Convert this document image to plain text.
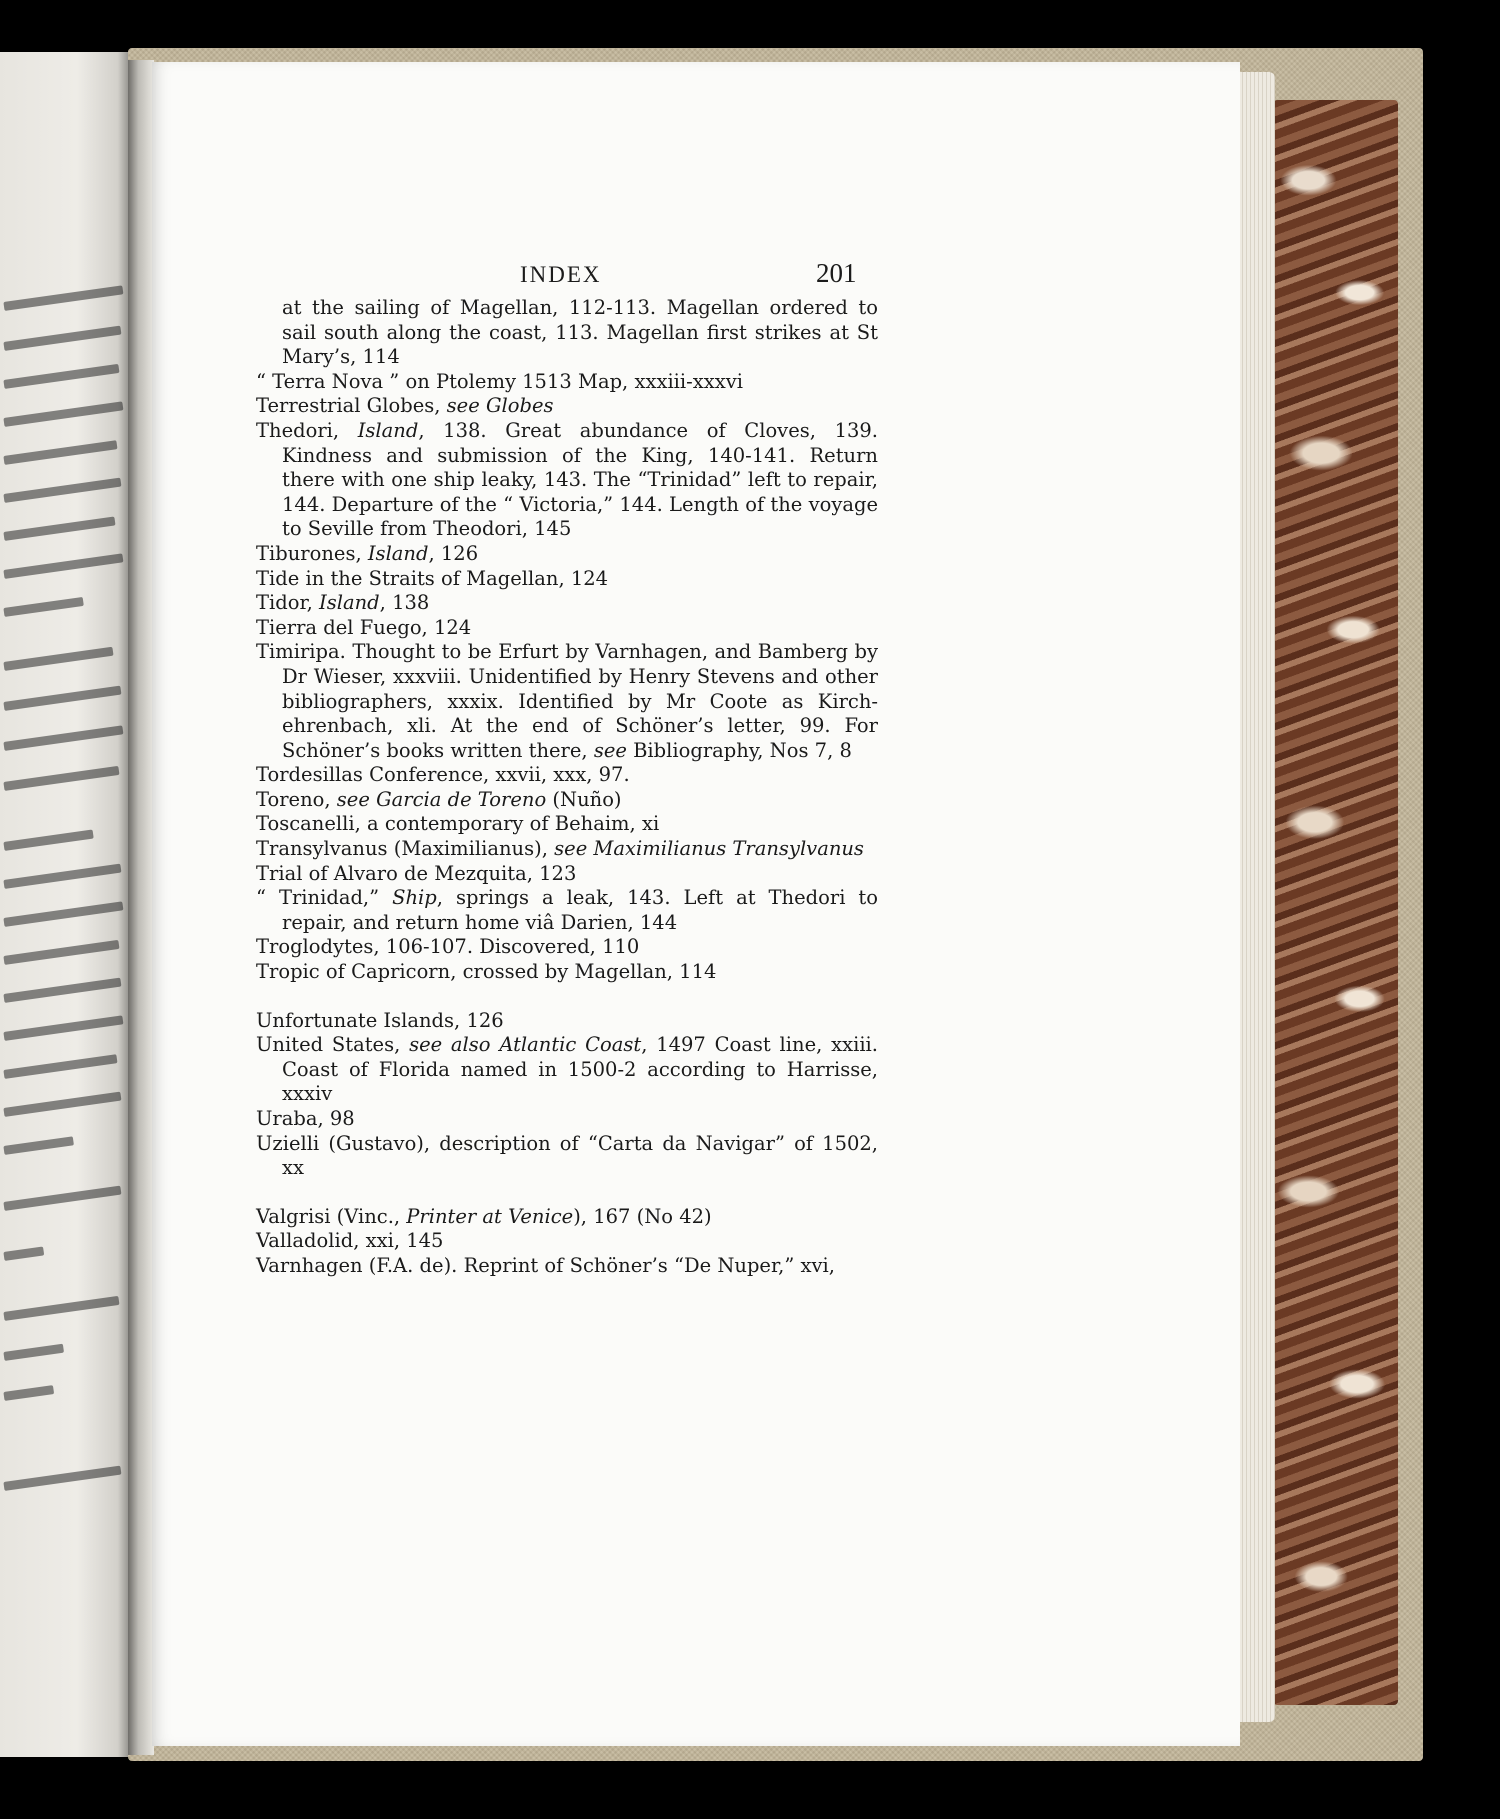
INDEX	201

at the sailing of Magellan, 112-113. Magellan ordered to sail south along the coast, 113. Magellan first strikes at St Mary’s, 114

“ Terra Nova ” on Ptolemy 1513 Map, xxxiii-xxxvi

Terrestrial Globes, see Globes

Thedori, Island, 138. Great abundance of Cloves, 139. Kindness and submission of the King, 140-141. Return there with one ship leaky, 143. The “Trinidad” left to repair, 144. Departure of the “ Victoria,” 144. Length of the voyage to Seville from Theodori, 145

Tiburones, Island, 126

Tide in the Straits of Magellan, 124

Tidor, Island, 138

Tierra del Fuego, 124

Timiripa. Thought to be Erfurt by Varnhagen, and Bamberg by Dr Wieser, xxxviii. Unidentified by Henry Stevens and other bibliographers, xxxix. Identified by Mr Coote as Kirch-ehrenbach, xli. At the end of Schöner’s letter, 99. For Schöner’s books written there, see Bibliography, Nos 7, 8

Tordesillas Conference, xxvii, xxx, 97.

Toreno, see Garcia de Toreno (Nuño)

Toscanelli, a contemporary of Behaim, xi

Transylvanus (Maximilianus), see Maximilianus Transylvanus

Trial of Alvaro de Mezquita, 123

“ Trinidad,” Ship, springs a leak, 143. Left at Thedori to repair, and return home viâ Darien, 144

Troglodytes, 106-107. Discovered, 110

Tropic of Capricorn, crossed by Magellan, 114

Unfortunate Islands, 126

United States, see also Atlantic Coast, 1497 Coast line, xxiii. Coast of Florida named in 1500-2 according to Harrisse, xxxiv

Uraba, 98

Uzielli (Gustavo), description of “Carta da Navigar” of 1502, xx

Valgrisi (Vinc., Printer at Venice), 167 (No 42)

Valladolid, xxi, 145

Varnhagen (F.A. de). Reprint of Schöner’s “De Nuper,” xvi,
